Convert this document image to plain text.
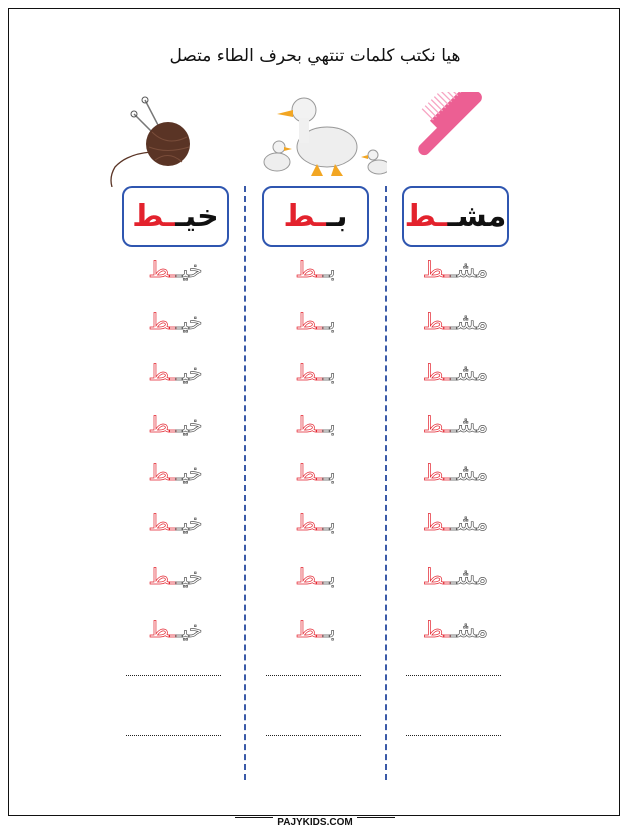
هيا نكتب كلمات تنتهي بحرف الطاء متصل
خيـ
ـط
خيــط
خيــط
خيــط
خيــط
خيــط
خيــط
خيــط
خيــط
بـ
ـط
بــط
بــط
بــط
بــط
بــط
بــط
بــط
بــط
مشـ
ـط
مشــط
مشــط
مشــط
مشــط
مشــط
مشــط
مشــط
مشــط
PAJYKIDS.COM
